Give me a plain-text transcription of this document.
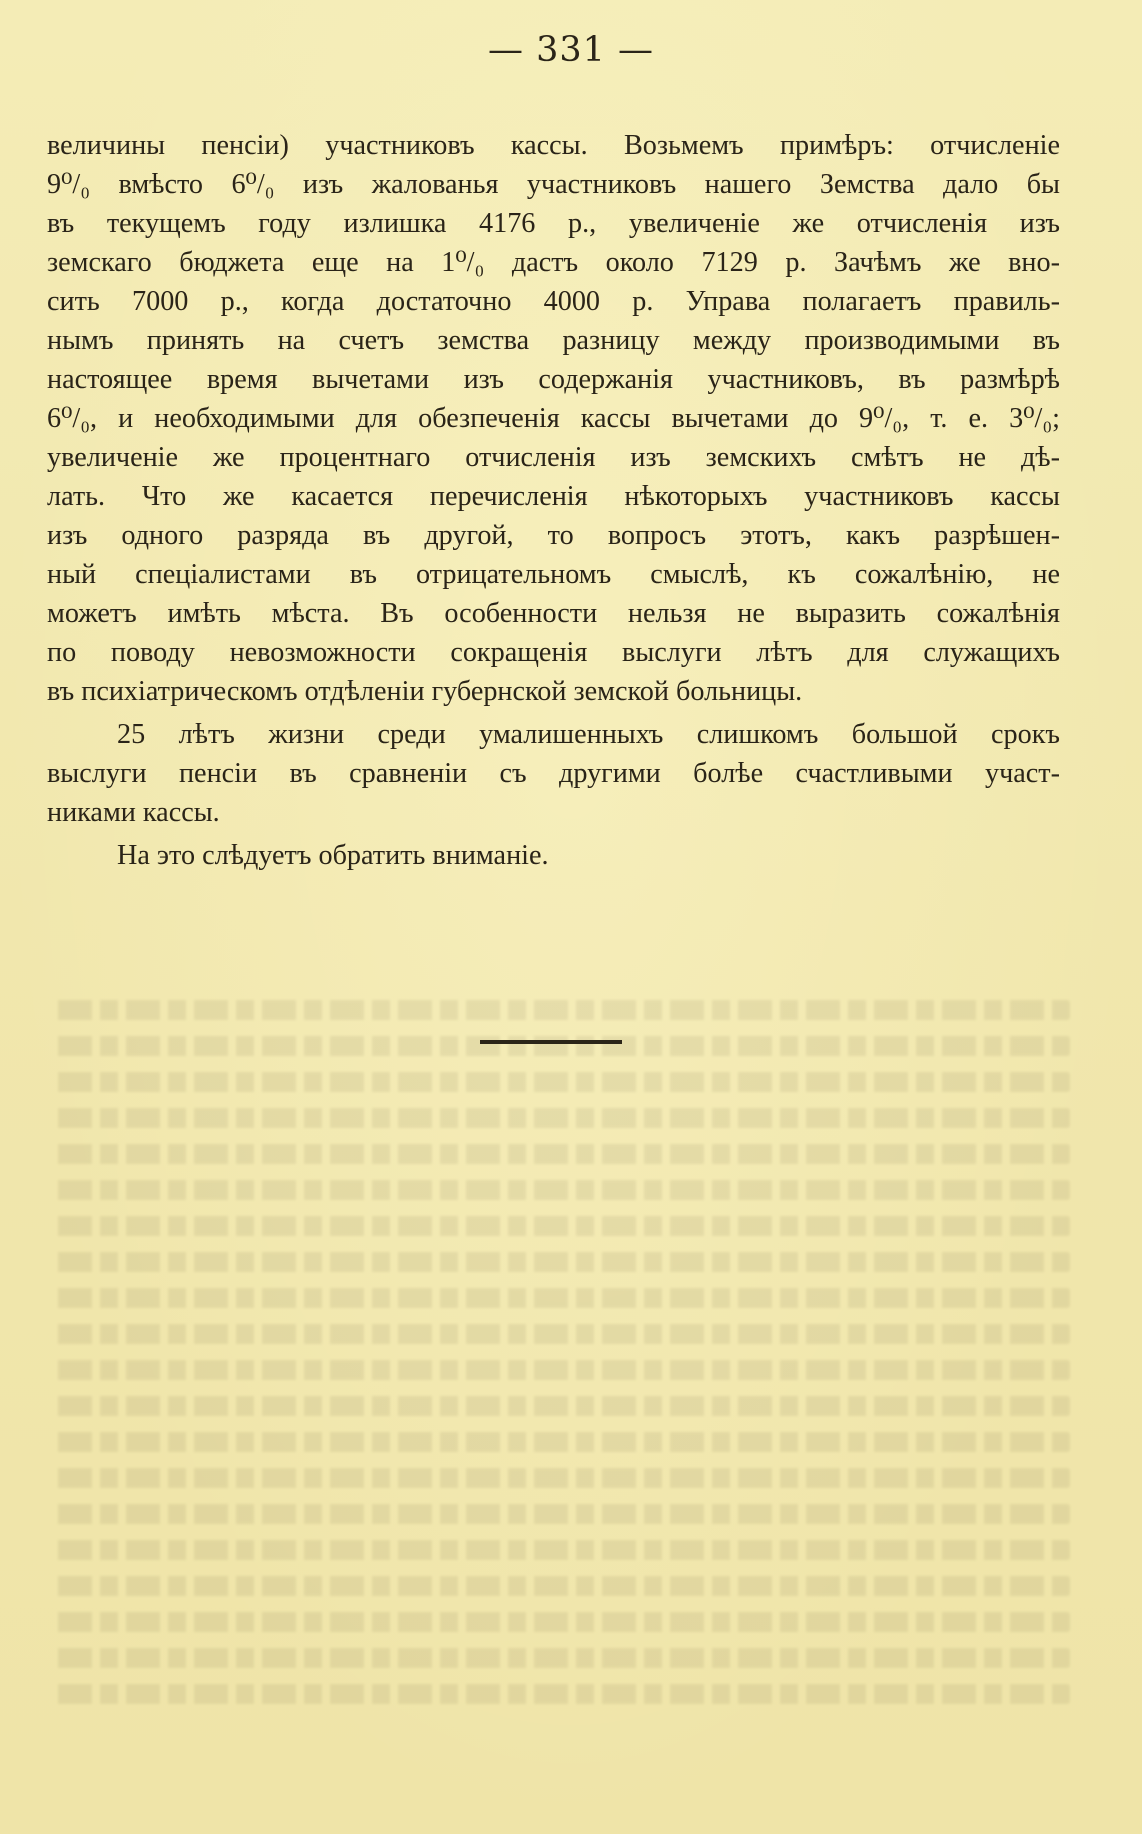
— 331 —
величины пенсіи) участниковъ кассы. Возьмемъ примѣръ: отчисленіе
9⁰/₀ вмѣсто 6⁰/₀ изъ жалованья участниковъ нашего Земства дало бы
въ текущемъ году излишка 4176 р., увеличеніе же отчисленія изъ
земскаго бюджета еще на 1⁰/₀ дастъ около 7129 р. Зачѣмъ же вно-
сить 7000 р., когда достаточно 4000 р. Управа полагаетъ правиль-
нымъ принять на счетъ земства разницу между производимыми въ
настоящее время вычетами изъ содержанія участниковъ, въ размѣрѣ
6⁰/₀, и необходимыми для обезпеченія кассы вычетами до 9⁰/₀, т. е. 3⁰/₀;
увеличеніе же процентнаго отчисленія изъ земскихъ смѣтъ не дѣ-
лать. Что же касается перечисленія нѣкоторыхъ участниковъ кассы
изъ одного разряда въ другой, то вопросъ этотъ, какъ разрѣшен-
ный спеціалистами въ отрицательномъ смыслѣ, къ сожалѣнію, не
можетъ имѣть мѣста. Въ особенности нельзя не выразить сожалѣнія
по поводу невозможности сокращенія выслуги лѣтъ для служащихъ
въ психіатрическомъ отдѣленіи губернской земской больницы.
25 лѣтъ жизни среди умалишенныхъ слишкомъ большой срокъ
выслуги пенсіи въ сравненіи съ другими болѣе счастливыми участ-
никами кассы.
На это слѣдуетъ обратить вниманіе.
